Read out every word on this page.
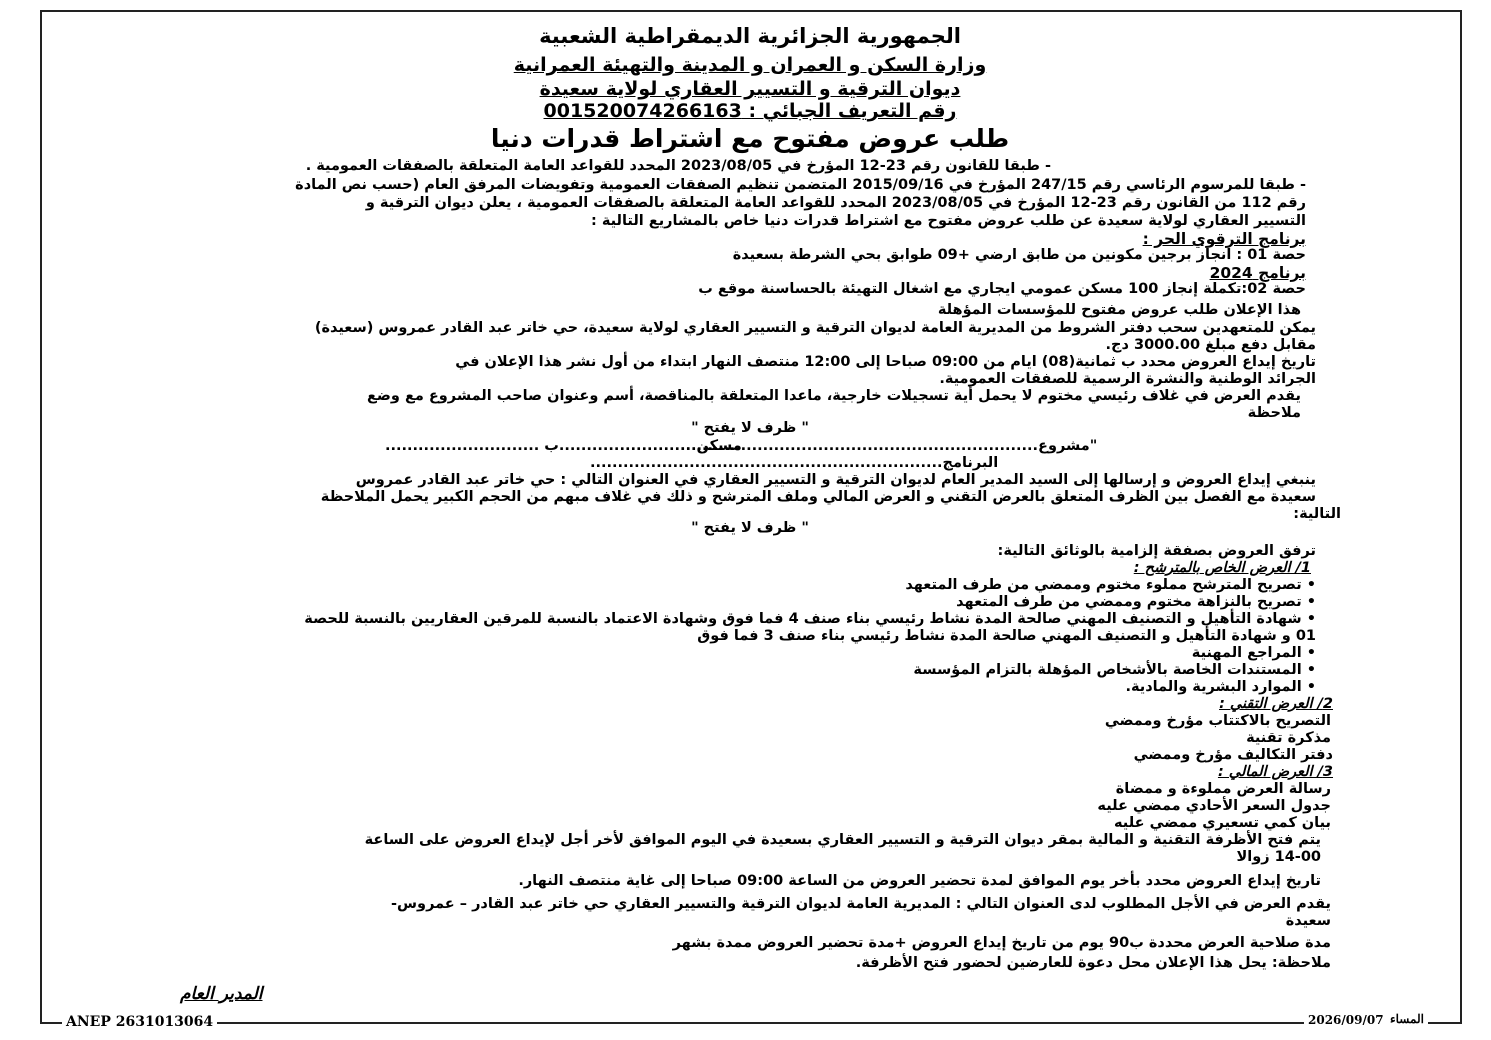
الجمهورية الجزائرية الديمقراطية الشعبية
وزارة السكن و العمران و المدينة والتهيئة العمرانية
ديوان الترقية و التسيير العقاري لولاية سعيدة
رقم التعريف الجبائي : 001520074266163
طلب عروض مفتوح مع اشتراط قدرات دنيا
- طبقا للقانون رقم 23-12 المؤرخ في 2023/08/05 المحدد للقواعد العامة المتعلقة بالصفقات العمومية .
- طبقا للمرسوم الرئاسي رقم 247/15 المؤرخ في 2015/09/16 المتضمن تنظيم الصفقات العمومية وتفويضات المرفق العام (حسب نص المادة
رقم 112 من القانون رقم 23-12 المؤرخ في 2023/08/05 المحدد للقواعد العامة المتعلقة بالصفقات العمومية ، يعلن ديوان الترقية و
التسيير العقاري لولاية سعيدة عن طلب عروض مفتوح مع اشتراط قدرات دنيا خاص بالمشاريع التالية :
برنامج الترقوي الحر :
حصة 01 : انجاز برجين مكونين من طابق ارضي +09 طوابق بحي الشرطة بسعيدة
برنامج 2024
حصة 02:تكملة إنجاز 100 مسكن عمومي ايجاري مع اشغال التهيئة بالحساسنة موقع ب
هذا الإعلان طلب عروض مفتوح للمؤسسات المؤهلة
يمكن للمتعهدين سحب دفتر الشروط من المديرية العامة لديوان الترقية و التسيير العقاري لولاية سعيدة، حي خاتر عبد القادر عمروس (سعيدة)
مقابل دفع مبلغ 3000.00 دج.
تاريخ إيداع العروض محدد ب ثمانية(08) ايام من 09:00 صباحا إلى 12:00 منتصف النهار ابتداء من أول نشر هذا الإعلان في
الجرائد الوطنية والنشرة الرسمية للصفقات العمومية.
يقدم العرض في غلاف رئيسي مختوم لا يحمل أية تسجيلات خارجية، ماعدا المتعلقة بالمناقصة، أسم وعنوان صاحب المشروع مع وضع
ملاحظة
" ظرف لا يفتح "
"مشروع.................................................................
مسكن.........................ب ............................
البرنامج................................................................
ينبغي إيداع العروض و إرسالها إلى السيد المدير العام لديوان الترقية و التسيير العقاري في العنوان التالي : حي خاتر عبد القادر عمروس
سعيدة مع الفصل بين الظرف المتعلق بالعرض التقني و العرض المالي وملف المترشح و ذلك في غلاف مبهم من الحجم الكبير يحمل الملاحظة
التالية:
" ظرف لا يفتح "
ترفق العروض بصفقة إلزامية بالوثائق التالية:
1/ العرض الخاص بالمترشح :
• تصريح المترشح مملوء مختوم وممضي من طرف المتعهد
• تصريح بالنزاهة مختوم وممضي من طرف المتعهد
• شهادة التأهيل و التصنيف المهني صالحة المدة نشاط رئيسي بناء صنف 4 فما فوق وشهادة الاعتماد بالنسبة للمرقين العقاريين بالنسبة للحصة
01 و شهادة التأهيل و التصنيف المهني صالحة المدة نشاط رئيسي بناء صنف 3 فما فوق
• المراجع المهنية
• المستندات الخاصة بالأشخاص المؤهلة بالتزام المؤسسة
• الموارد البشرية والمادية.
2/ العرض التقني :
التصريح بالاكتتاب مؤرخ وممضي
مذكرة تقنية
دفتر التكاليف مؤرخ وممضي
3/ العرض المالي :
رسالة العرض مملوءة و ممضاة
جدول السعر الأحادي ممضي عليه
بيان كمي تسعيري ممضي عليه
يتم فتح الأظرفة التقنية و المالية بمقر ديوان الترقية و التسيير العقاري بسعيدة في اليوم الموافق لأخر أجل لإيداع العروض على الساعة
14-00 زوالا
تاريخ إيداع العروض محدد بأخر يوم الموافق لمدة تحضير العروض من الساعة 09:00 صباحا إلى غاية منتصف النهار.
يقدم العرض في الأجل المطلوب لدى العنوان التالي : المديرية العامة لديوان الترقية والتسيير العقاري حي خاتر عبد القادر – عمروس-
سعيدة
مدة صلاحية العرض محددة ب90 يوم من تاريخ إيداع العروض +مدة تحضير العروض ممدة بشهر
ملاحظة: يحل هذا الإعلان محل دعوة للعارضين لحضور فتح الأظرفة.
المدير العام
ANEP 2631013064	2026/09/07 المساء
